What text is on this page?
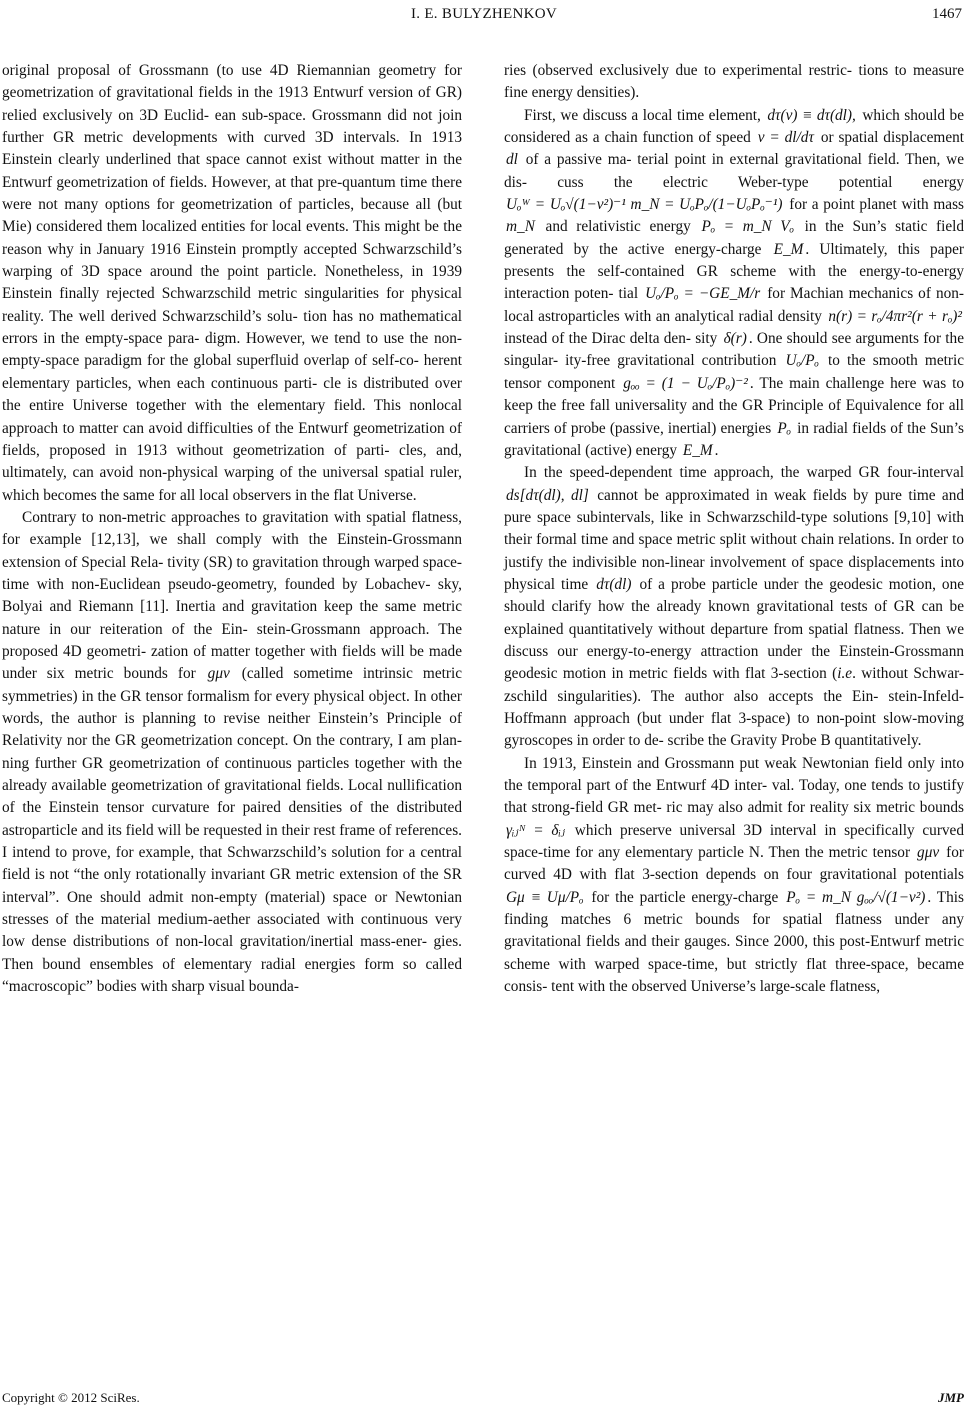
I. E. BULYZHENKOV	1467

original proposal of Grossmann (to use 4D Riemannian geometry for geometrization of gravitational fields in the 1913 Entwurf version of GR) relied exclusively on 3D Euclid- ean sub-space. Grossmann did not join further GR metric developments with curved 3D intervals. In 1913 Einstein clearly underlined that space cannot exist without matter in the Entwurf geometrization of fields. However, at that pre-quantum time there were not many options for geometrization of particles, because all (but Mie) considered them localized entities for local events. This might be the reason why in January 1916 Einstein promptly accepted Schwarzschild’s warping of 3D space around the point particle. Nonetheless, in 1939 Einstein finally rejected Schwarzschild metric singularities for physical reality. The well derived Schwarzschild’s solu- tion has no mathematical errors in the empty-space para- digm. However, we tend to use the non-empty-space paradigm for the global superfluid overlap of self-co- herent elementary particles, when each continuous parti- cle is distributed over the entire Universe together with the elementary field. This nonlocal approach to matter can avoid difficulties of the Entwurf geometrization of fields, proposed in 1913 without geometrization of parti- cles, and, ultimately, can avoid non-physical warping of the universal spatial ruler, which becomes the same for all local observers in the flat Universe.

Contrary to non-metric approaches to gravitation with spatial flatness, for example [12,13], we shall comply with the Einstein-Grossmann extension of Special Rela- tivity (SR) to gravitation through warped space-time with non-Euclidean pseudo-geometry, founded by Lobachev- sky, Bolyai and Riemann [11]. Inertia and gravitation keep the same metric nature in our reiteration of the Ein- stein-Grossmann approach. The proposed 4D geometri- zation of matter together with fields will be made under six metric bounds for gμν (called sometime intrinsic metric symmetries) in the GR tensor formalism for every physical object. In other words, the author is planning to revise neither Einstein’s Principle of Relativity nor the GR geometrization concept. On the contrary, I am plan- ning further GR geometrization of continuous particles together with the already available geometrization of gravitational fields. Local nullification of the Einstein tensor curvature for paired densities of the distributed astroparticle and its field will be requested in their rest frame of references. I intend to prove, for example, that Schwarzschild’s solution for a central field is not “the only rotationally invariant GR metric extension of the SR interval”. One should admit non-empty (material) space or Newtonian stresses of the material medium-aether associated with continuous very low dense distributions of non-local gravitation/inertial mass-ener- gies. Then bound ensembles of elementary radial energies form so called “macroscopic” bodies with sharp visual bounda-

ries (observed exclusively due to experimental restric- tions to measure fine energy densities).

First, we discuss a local time element, dτ(v) ≡ dτ(dl), which should be considered as a chain function of speed v = dl/dτ or spatial displacement dl of a passive ma- terial point in external gravitational field. Then, we dis- cuss the electric Weber-type potential energy Uₒᵂ = Uₒ√(1−v²)⁻¹ m_N = UₒPₒ/(1−UₒPₒ⁻¹) for a point planet with mass m_N and relativistic energy Pₒ = m_N Vₒ in the Sun’s static field generated by the active energy-charge E_M . Ultimately, this paper presents the self-contained GR scheme with the energy-to-energy interaction poten- tial Uₒ/Pₒ = −GE_M/r for Machian mechanics of non- local astroparticles with an analytical radial density n(r) = rₒ/4πr²(r + rₒ)² instead of the Dirac delta den- sity δ(r) . One should see arguments for the singular- ity-free gravitational contribution Uₒ/Pₒ to the smooth metric tensor component gₒₒ = (1 − Uₒ/Pₒ)⁻² . The main challenge here was to keep the free fall universality and the GR Principle of Equivalence for all carriers of probe (passive, inertial) energies Pₒ in radial fields of the Sun’s gravitational (active) energy E_M .

In the speed-dependent time approach, the warped GR four-interval ds[dτ(dl), dl] cannot be approximated in weak fields by pure time and pure space subintervals, like in Schwarzschild-type solutions [9,10] with their formal time and space metric split without chain relations. In order to justify the indivisible non-linear involvement of space displacements into physical time dτ(dl) of a probe particle under the geodesic motion, one should clarify how the already known gravitational tests of GR can be explained quantitatively without departure from spatial flatness. Then we discuss our energy-to-energy attraction under the Einstein-Grossmann geodesic motion in metric fields with flat 3-section (i.e. without Schwar- zschild singularities). The author also accepts the Ein- stein-Infeld-Hoffmann approach (but under flat 3-space) to non-point slow-moving gyroscopes in order to de- scribe the Gravity Probe B quantitatively.

In 1913, Einstein and Grossmann put weak Newtonian field only into the temporal part of the Entwurf 4D inter- val. Today, one tends to justify that strong-field GR met- ric may also admit for reality six metric bounds γᵢⱼᴺ = δᵢⱼ which preserve universal 3D interval in specifically curved space-time for any elementary particle N. Then the metric tensor gμν for curved 4D with flat 3-section depends on four gravitational potentials Gμ ≡ Uμ/Pₒ for the particle energy-charge Pₒ = m_N gₒₒ/√(1−v²) . This finding matches 6 metric bounds for spatial flatness under any gravitational fields and their gauges. Since 2000, this post-Entwurf metric scheme with warped space-time, but strictly flat three-space, became consis- tent with the observed Universe’s large-scale flatness,

Copyright © 2012 SciRes.	JMP
